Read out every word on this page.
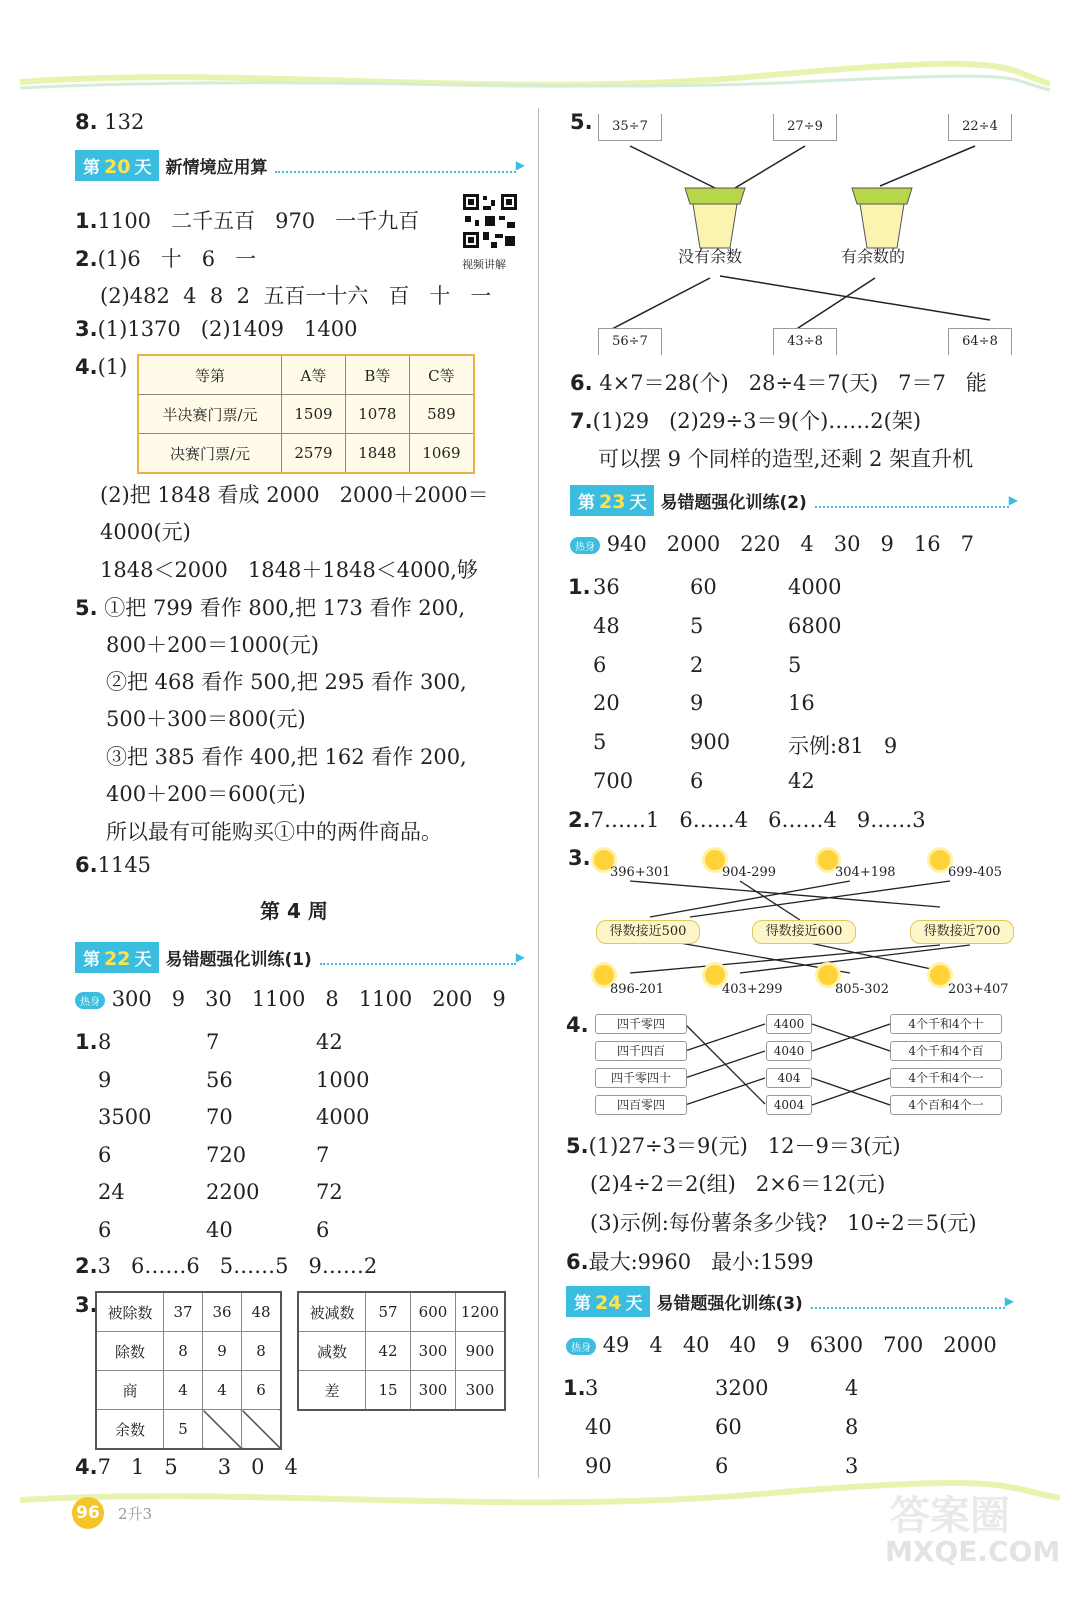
8. 132
第 20 天 新情境应用算	▶
视频讲解
1.1100   二千五百   970   一千九百
2.(1)6   十   6   一
(2)482  4  8  2  五百一十六   百   十   一
3.(1)1370   (2)1409   1400
4.(1)	等第	A等	B等	C等
半决赛门票/元	1509	1078	589
决赛门票/元	2579	1848	1069
(2)把 1848 看成 2000   2000＋2000＝
4000(元)
1848＜2000   1848＋1848＜4000,够
5. ①把 799 看作 800,把 173 看作 200,
800＋200＝1000(元)
②把 468 看作 500,把 295 看作 300,
500＋300＝800(元)
③把 385 看作 400,把 162 看作 200,
400＋200＝600(元)
所以最有可能购买①中的两件商品。
6.1145
第 4 周
第 22 天 易错题强化训练(1)	▶
热身 300   9   30   1100   8   1100   200   9
1. 8	7	42
9	56	1000
3500	70	4000
6	720	7
24	2200	72
6	40	6
2.3   6……6   5……5   9……2
3. 被除数	37	36	48
除数	8	9	8
商	4	4	6
余数	5		
被减数	57	600	1200
减数	42	300	900
差	15	300	300
4.7   1   5      3   0   4
5.	35÷7	27÷9	22÷4
没有余数	有余数的
56÷7	43÷8	64÷8
6. 4×7＝28(个)   28÷4＝7(天)   7＝7   能
7.(1)29   (2)29÷3＝9(个)……2(架)
可以摆 9 个同样的造型,还剩 2 架直升机
第 23 天 易错题强化训练(2)	▶
热身 940   2000   220   4   30   9   16   7
1. 36	60	4000
48	5	6800
6	2	5
20	9	16
5	900	示例:81   9
700	6	42
2.7……1   6……4   6……4   9……3
3.
396+301	904-299	304+198	699-405
得数接近500	得数接近600	得数接近700
896-201	403+299	805-302	203+407
4.	四千零四
四千四百
四千零四十
四百零四
4400
4040
404
4004
4个千和4个十
4个千和4个百
4个千和4个一
4个百和4个一
5.(1)27÷3＝9(元)   12－9＝3(元)
(2)4÷2＝2(组)   2×6＝12(元)
(3)示例:每份薯条多少钱?   10÷2＝5(元)
6.最大:9960   最小:1599
第 24 天 易错题强化训练(3)	▶
热身 49   4   40   40   9   6300   700   2000
1. 3	3200	4
40	60	8
90	6	3
96 2升3	答案圈
MXQE.COM
